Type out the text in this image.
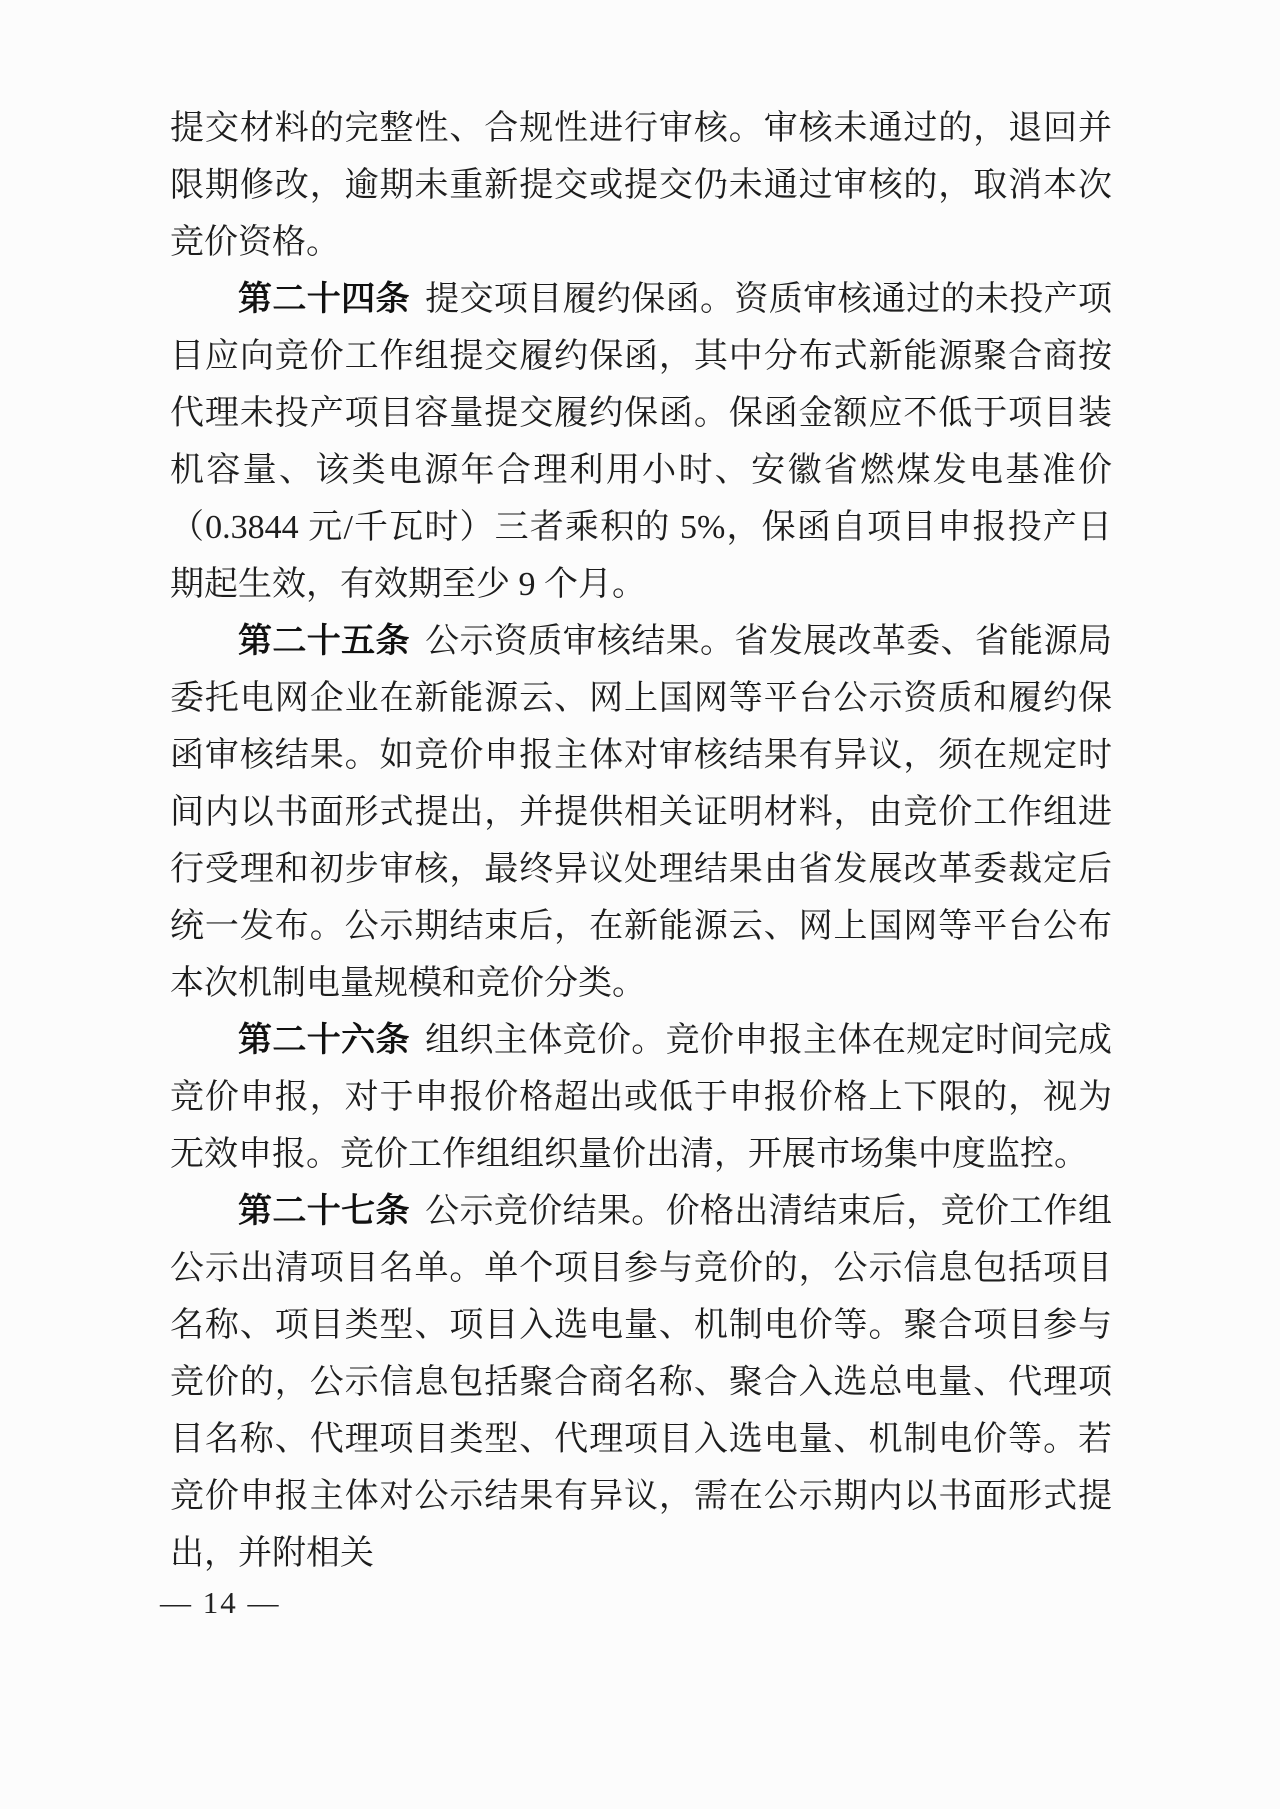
提交材料的完整性、合规性进行审核。审核未通过的，退回并限期修改，逾期未重新提交或提交仍未通过审核的，取消本次竞价资格。

第二十四条 提交项目履约保函。资质审核通过的未投产项目应向竞价工作组提交履约保函，其中分布式新能源聚合商按代理未投产项目容量提交履约保函。保函金额应不低于项目装机容量、该类电源年合理利用小时、安徽省燃煤发电基准价（0.3844 元/千瓦时）三者乘积的 5%，保函自项目申报投产日期起生效，有效期至少 9 个月。

第二十五条 公示资质审核结果。省发展改革委、省能源局委托电网企业在新能源云、网上国网等平台公示资质和履约保函审核结果。如竞价申报主体对审核结果有异议，须在规定时间内以书面形式提出，并提供相关证明材料，由竞价工作组进行受理和初步审核，最终异议处理结果由省发展改革委裁定后统一发布。公示期结束后，在新能源云、网上国网等平台公布本次机制电量规模和竞价分类。

第二十六条 组织主体竞价。竞价申报主体在规定时间完成竞价申报，对于申报价格超出或低于申报价格上下限的，视为无效申报。竞价工作组组织量价出清，开展市场集中度监控。

第二十七条 公示竞价结果。价格出清结束后，竞价工作组公示出清项目名单。单个项目参与竞价的，公示信息包括项目名称、项目类型、项目入选电量、机制电价等。聚合项目参与竞价的，公示信息包括聚合商名称、聚合入选总电量、代理项目名称、代理项目类型、代理项目入选电量、机制电价等。若竞价申报主体对公示结果有异议，需在公示期内以书面形式提出，并附相关

— 14 —
